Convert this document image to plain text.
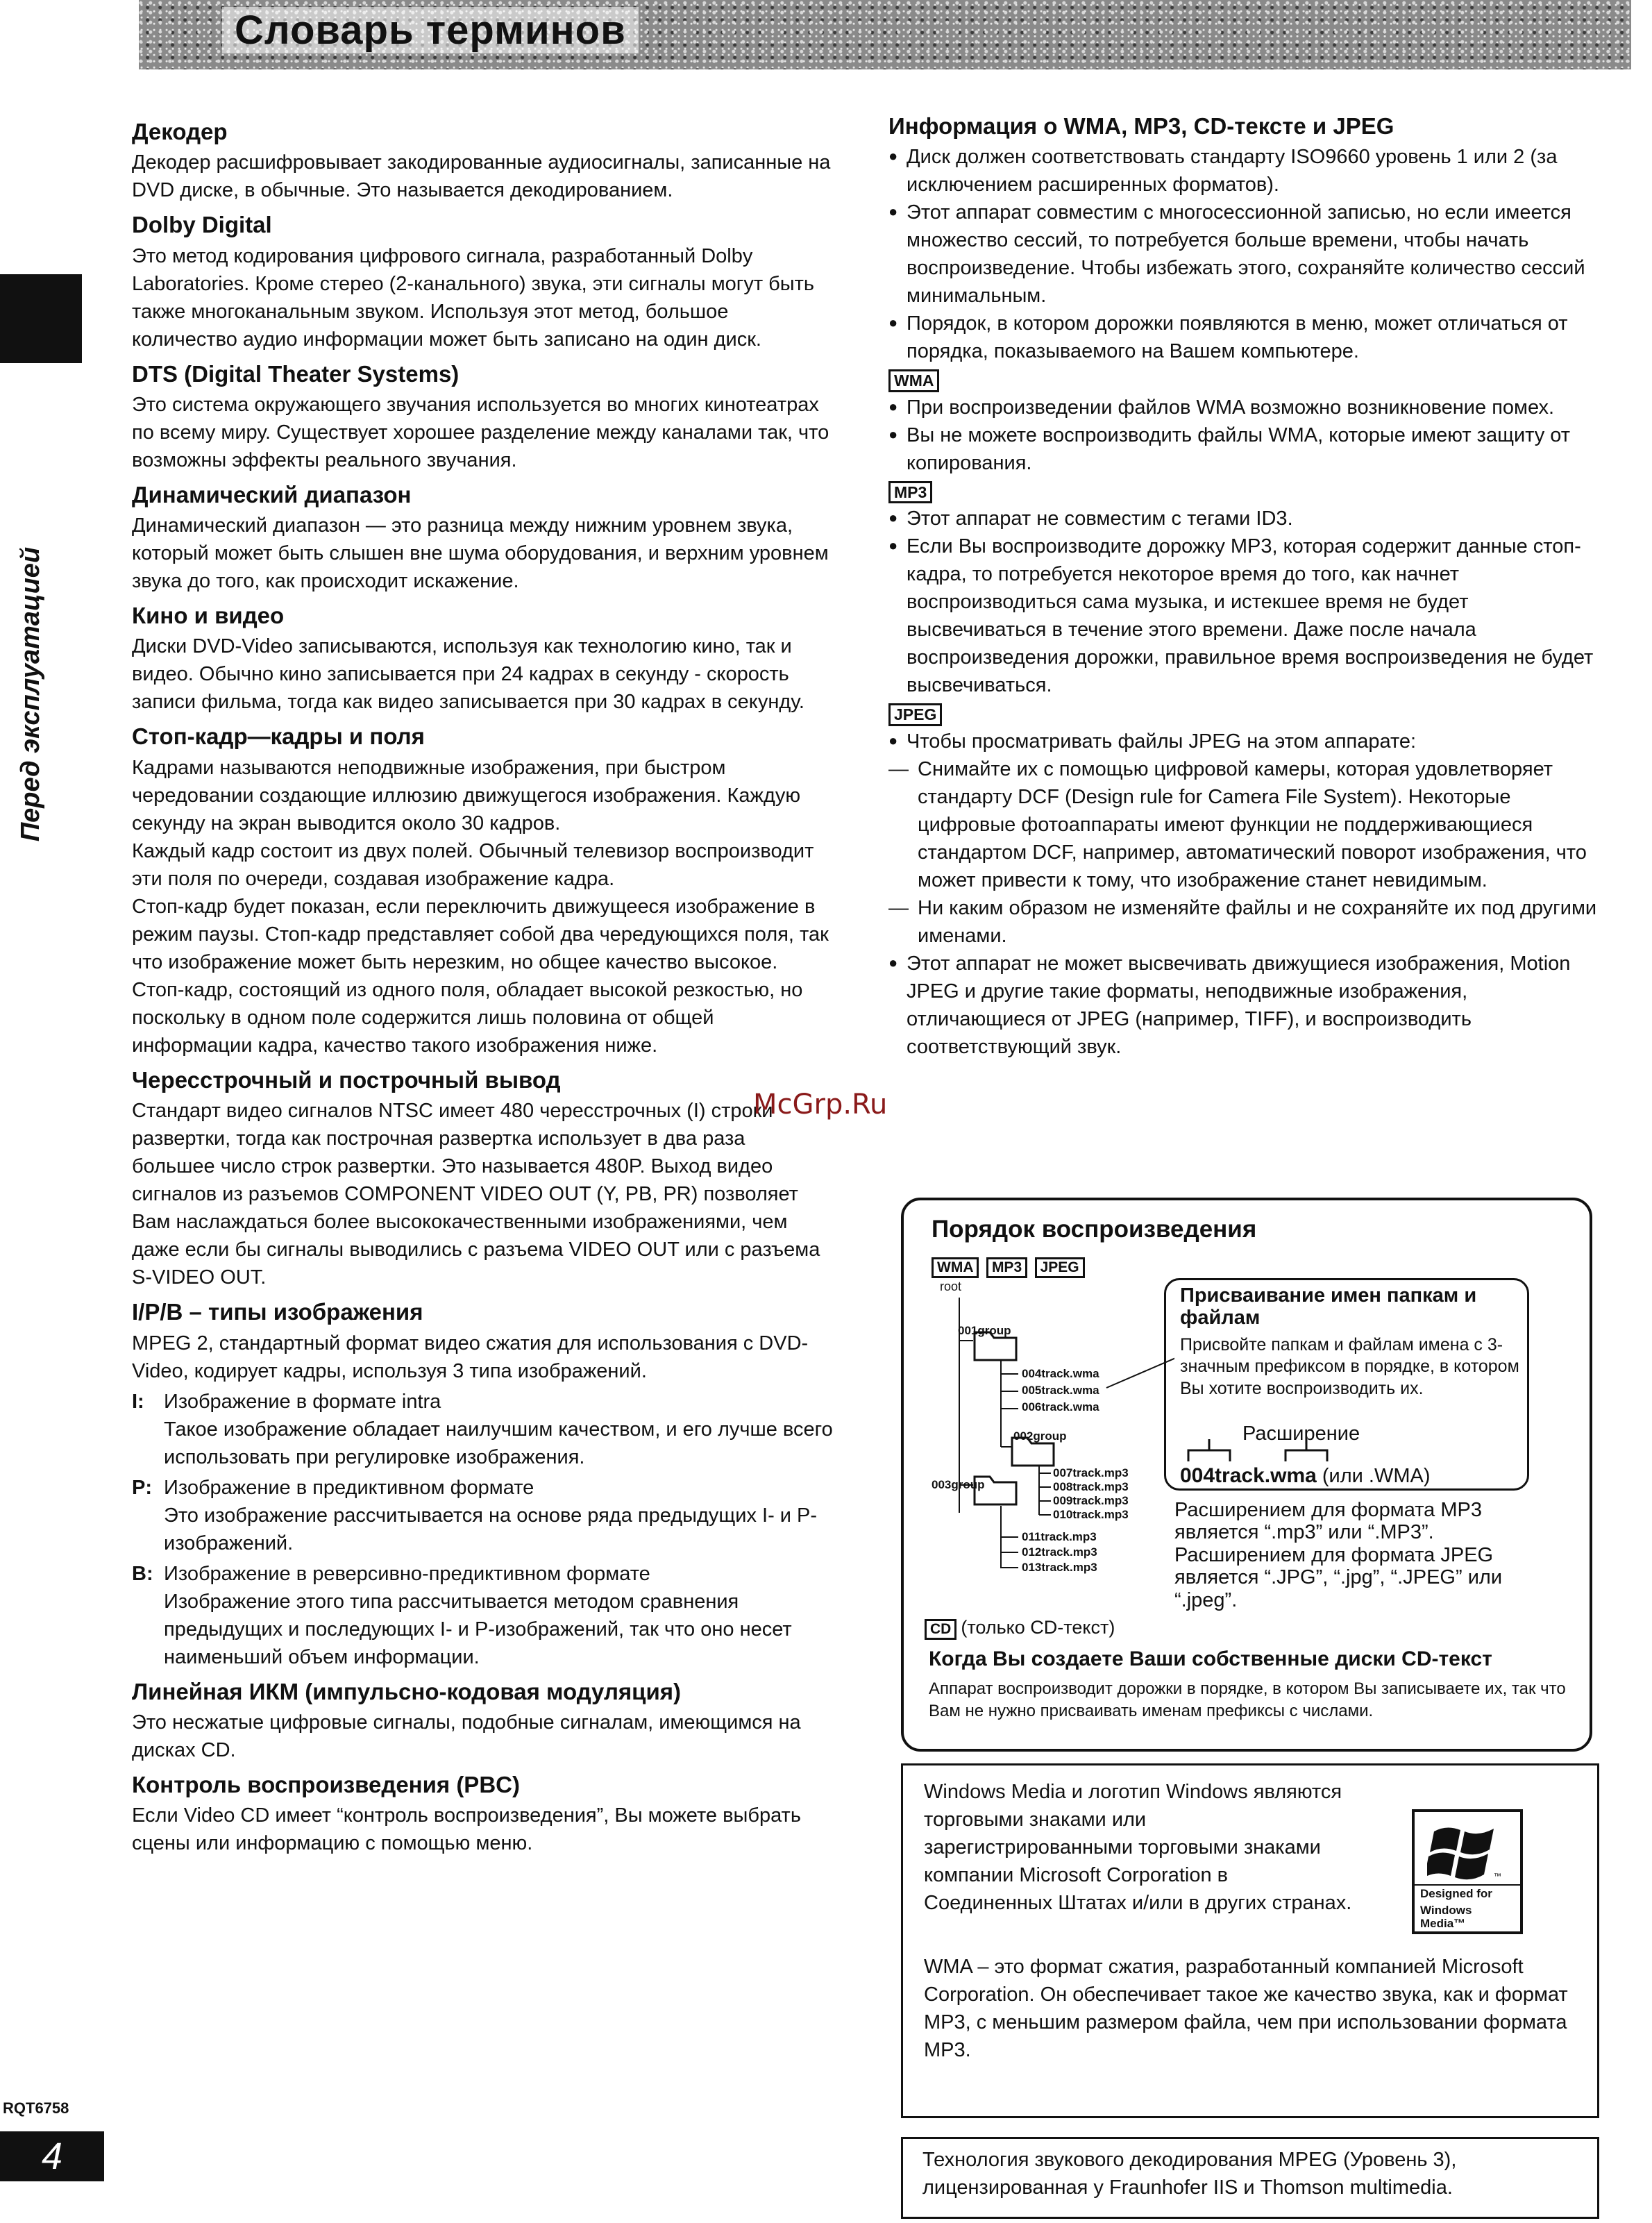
Словарь терминов
Перед эксплуатацией
RQT6758
4
Декодер

Декодер расшифровывает закодированные аудиосигналы, записанные на DVD диске, в обычные. Это называется декодированием.

Dolby Digital

Это метод кодирования цифрового сигнала, разработанный Dolby Laboratories. Кроме стерео (2-канального) звука, эти сигналы могут быть также многоканальным звуком. Используя этот метод, большое количество аудио информации может быть записано на один диск.

DTS (Digital Theater Systems)

Это система окружающего звучания используется во многих кинотеатрах по всему миру. Существует хорошее разделение между каналами так, что возможны эффекты реального звучания.

Динамический диапазон

Динамический диапазон — это разница между нижним уровнем звука, который может быть слышен вне шума оборудования, и верхним уровнем звука до того, как происходит искажение.

Кино и видео

Диски DVD-Video записываются, используя как технологию кино, так и видео. Обычно кино записывается при 24 кадрах в секунду - скорость записи фильма, тогда как видео записывается при 30 кадрах в секунду.

Стоп-кадр—кадры и поля

Кадрами называются неподвижные изображения, при быстром чередовании создающие иллюзию движущегося изображения. Каждую секунду на экран выводится около 30 кадров.

Каждый кадр состоит из двух полей. Обычный телевизор воспроизводит эти поля по очереди, создавая изображение кадра.

Стоп-кадр будет показан, если переключить движущееся изображение в режим паузы. Стоп-кадр представляет собой два чередующихся поля, так что изображение может быть нерезким, но общее качество высокое.

Стоп-кадр, состоящий из одного поля, обладает высокой резкостью, но поскольку в одном поле содержится лишь половина от общей информации кадра, качество такого изображения ниже.

Чересстрочный и построчный вывод

Стандарт видео сигналов NTSC имеет 480 чересстрочных (I) строки развертки, тогда как построчная развертка использует в два раза большее число строк развертки. Это называется 480P. Выход видео сигналов из разъемов COMPONENT VIDEO OUT (Y, PB, PR) позволяет Вам наслаждаться более высококачественными изображениями, чем даже если бы сигналы выводились с разъема VIDEO OUT или с разъема S-VIDEO OUT.

I/P/B – типы изображения

MPEG 2, стандартный формат видео сжатия для использования с DVD-Video, кодирует кадры, используя 3 типа изображений.

I: Изображение в формате intra
Такое изображение обладает наилучшим качеством, и его лучше всего использовать при регулировке изображения.
P: Изображение в предиктивном формате
Это изображение рассчитывается на основе ряда предыдущих I- и P-изображений.
B: Изображение в реверсивно-предиктивном формате
Изображение этого типа рассчитывается методом сравнения предыдущих и последующих I- и P-изображений, так что оно несет наименьший объем информации.
Линейная ИКМ (импульсно-кодовая модуляция)

Это несжатые цифровые сигналы, подобные сигналам, имеющимся на дисках CD.

Контроль воспроизведения (PBC)

Если Video CD имеет “контроль воспроизведения”, Вы можете выбрать сцены или информацию с помощью меню.

Информация о WMA, MP3, CD-тексте и JPEG

● Диск должен соответствовать стандарту ISO9660 уровень 1 или 2 (за исключением расширенных форматов).

● Этот аппарат совместим с многосессионной записью, но если имеется множество сессий, то потребуется больше времени, чтобы начать воспроизведение. Чтобы избежать этого, сохраняйте количество сессий минимальным.

● Порядок, в котором дорожки появляются в меню, может отличаться от порядка, показываемого на Вашем компьютере.

WMA

● При воспроизведении файлов WMA возможно возникновение помех.

● Вы не можете воспроизводить файлы WMA, которые имеют защиту от копирования.

MP3

● Этот аппарат не совместим с тегами ID3.

● Если Вы воспроизводите дорожку MP3, которая содержит данные стоп-кадра, то потребуется некоторое время до того, как начнет воспроизводиться сама музыка, и истекшее время не будет высвечиваться в течение этого времени. Даже после начала воспроизведения дорожки, правильное время воспроизведения не будет высвечиваться.

JPEG

● Чтобы просматривать файлы JPEG на этом аппарате:

— Снимайте их с помощью цифровой камеры, которая удовлетворяет стандарту DCF (Design rule for Camera File System). Некоторые цифровые фотоаппараты имеют функции не поддерживающиеся стандартом DCF, например, автоматический поворот изображения, что может привести к тому, что изображение станет невидимым.

— Ни каким образом не изменяйте файлы и не сохраняйте их под другими именами.

● Этот аппарат не может высвечивать движущиеся изображения, Motion JPEG и другие такие форматы, неподвижные изображения, отличающиеся от JPEG (например, TIFF), и воспроизводить соответствующий звук.

McGrp.Ru
Порядок воспроизведения
WMA MP3 JPEG
root
001group
004track.wma
005track.wma
006track.wma
002group
007track.mp3
008track.mp3
009track.mp3
010track.mp3
003group
011track.mp3
012track.mp3
013track.mp3
Присваивание имен папкам и файлам
Присвойте папкам и файлам имена с 3-значным префиксом в порядке, в котором Вы хотите воспроизводить их.
Расширение
004track.wma (или .WMA)
Расширением для формата MP3 является “.mp3” или “.MP3”.
Расширением для формата JPEG является “.JPG”, “.jpg”, “.JPEG” или “.jpeg”.
CD (только CD-текст)
Когда Вы создаете Ваши собственные диски CD-текст
Аппарат воспроизводит дорожки в порядке, в котором Вы записываете их, так что Вам не нужно присваивать именам префиксы с числами.

Windows Media и логотип Windows являются торговыми знаками или зарегистрированными торговыми знаками компании Microsoft Corporation в Соединенных Штатах и/или в других странах.

™
Designed for
Windows Media™

WMA – это формат сжатия, разработанный компанией Microsoft Corporation. Он обеспечивает такое же качество звука, как и формат MP3, с меньшим размером файла, чем при использовании формата MP3.

Технология звукового декодирования MPEG (Уровень 3), лицензированная у Fraunhofer IIS и Thomson multimedia.
